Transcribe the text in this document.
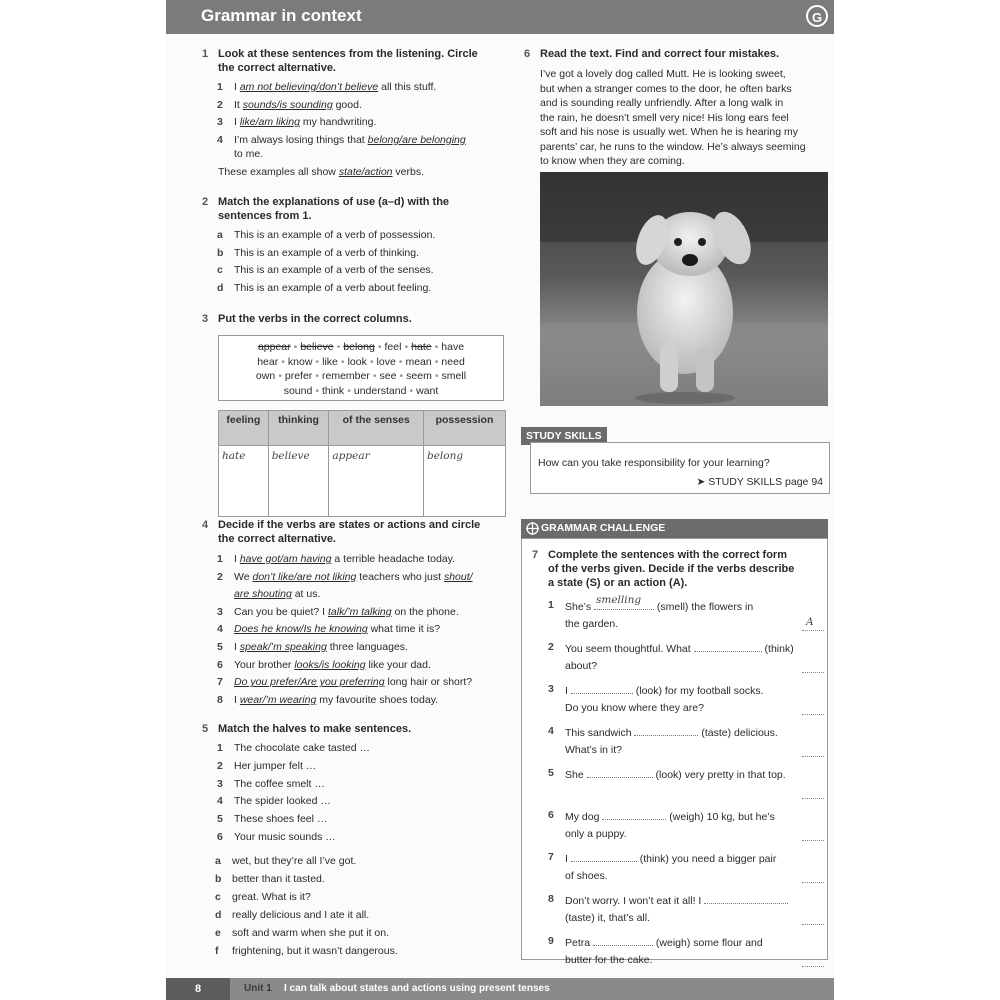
Grammar in context	G
1 Look at these sentences from the listening. Circle
the correct alternative.
to me.
These examples all show state/action verbs.
2 Match the explanations of use (a–d) with the
sentences from 1.
3 Put the verbs in the correct columns.
appear • believe • belong • feel • hate • have
hear • know • like • look • love • mean • need
own • prefer • remember • see • seem • smell
sound • think • understand • want
feeling	thinking	of the senses	possession
hate	believe	appear	belong
4 Decide if the verbs are states or actions and circle
the correct alternative.
5 Match the halves to make sentences.
6 Read the text. Find and correct four mistakes.
STUDY SKILLS
How can you take responsibility for your learning?
➤ STUDY SKILLS page 94
GRAMMAR CHALLENGE
7 Complete the sentences with the correct form
of the verbs given. Decide if the verbs describe
a state (S) or an action (A).
1 She’s
smelling
(smell) the flowers in
the garden.	A
2 You seem thoughtful. What	(think)
about?
3 I	(look) for my football socks.
Do you know where they are?
4 This sandwich	(taste) delicious.
What’s in it?
5 She	(look) very pretty in that top.
6 My dog	(weigh) 10 kg, but he’s
only a puppy.
7 I	(think) you need a bigger pair
of shoes.
8 Don’t worry. I won’t eat it all! I
(taste) it, that’s all.
9 Petra	(weigh) some flour and
butter for the cake.
8	Unit 1 I can talk about states and actions using present tenses
1 I am not believing/don’t believe all this stuff.
2 It sounds/is sounding good.
3 I like/am liking my handwriting.
4 I’m always losing things that belong/are belonging
a This is an example of a verb of possession.
b This is an example of a verb of thinking.
c This is an example of a verb of the senses.
d This is an example of a verb about feeling.
1 I have got/am having a terrible headache today.
2 We don’t like/are not liking teachers who just shout/
are shouting at us.
3 Can you be quiet? I talk/’m talking on the phone.
4 Does he know/Is he knowing what time it is?
5 I speak/’m speaking three languages.
6 Your brother looks/is looking like your dad.
7 Do you prefer/Are you preferring long hair or short?
8 I wear/’m wearing my favourite shoes today.
1 The chocolate cake tasted …
2 Her jumper felt …
3 The coffee smelt …
4 The spider looked …
5 These shoes feel …
6 Your music sounds …
a wet, but they’re all I’ve got.
b better than it tasted.
c great. What is it?
d really delicious and I ate it all.
e soft and warm when she put it on.
f frightening, but it wasn’t dangerous.
I’ve got a lovely dog called Mutt. He is looking sweet,
but when a stranger comes to the door, he often barks
and is sounding really unfriendly. After a long walk in
the rain, he doesn’t smell very nice! His long ears feel
soft and his nose is usually wet. When he is hearing my
parents’ car, he runs to the window. He’s always seeming
to know when they are coming.
